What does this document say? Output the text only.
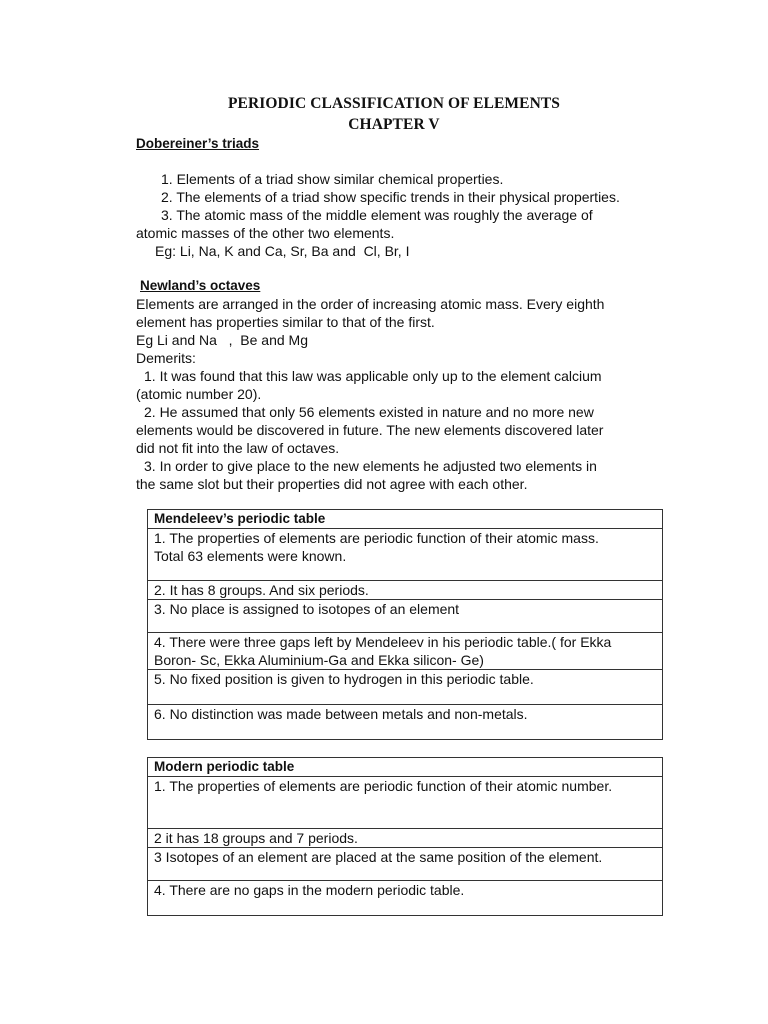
PERIODIC CLASSIFICATION OF ELEMENTS
CHAPTER V
Dobereiner’s triads
1. Elements of a triad show similar chemical properties.
2. The elements of a triad show specific trends in their physical properties.
3. The atomic mass of the middle element was roughly the average of
atomic masses of the other two elements.
Eg: Li, Na, K and Ca, Sr, Ba and  Cl, Br, I
Newland’s octaves
Elements are arranged in the order of increasing atomic mass. Every eighth
element has properties similar to that of the first.
Eg Li and Na   ,  Be and Mg
Demerits:
1. It was found that this law was applicable only up to the element calcium
(atomic number 20).
2. He assumed that only 56 elements existed in nature and no more new
elements would be discovered in future. The new elements discovered later
did not fit into the law of octaves.
3. In order to give place to the new elements he adjusted two elements in
the same slot but their properties did not agree with each other.
Mendeleev’s periodic table

1. The properties of elements are periodic function of their atomic mass.
Total 63 elements were known.

2. It has 8 groups. And six periods.

3. No place is assigned to isotopes of an element

4. There were three gaps left by Mendeleev in his periodic table.( for Ekka
Boron- Sc, Ekka Aluminium-Ga and Ekka silicon- Ge)

5. No fixed position is given to hydrogen in this periodic table.

6. No distinction was made between metals and non-metals.
Modern periodic table

1. The properties of elements are periodic function of their atomic number.

2 it has 18 groups and 7 periods.

3 Isotopes of an element are placed at the same position of the element.

4. There are no gaps in the modern periodic table.
